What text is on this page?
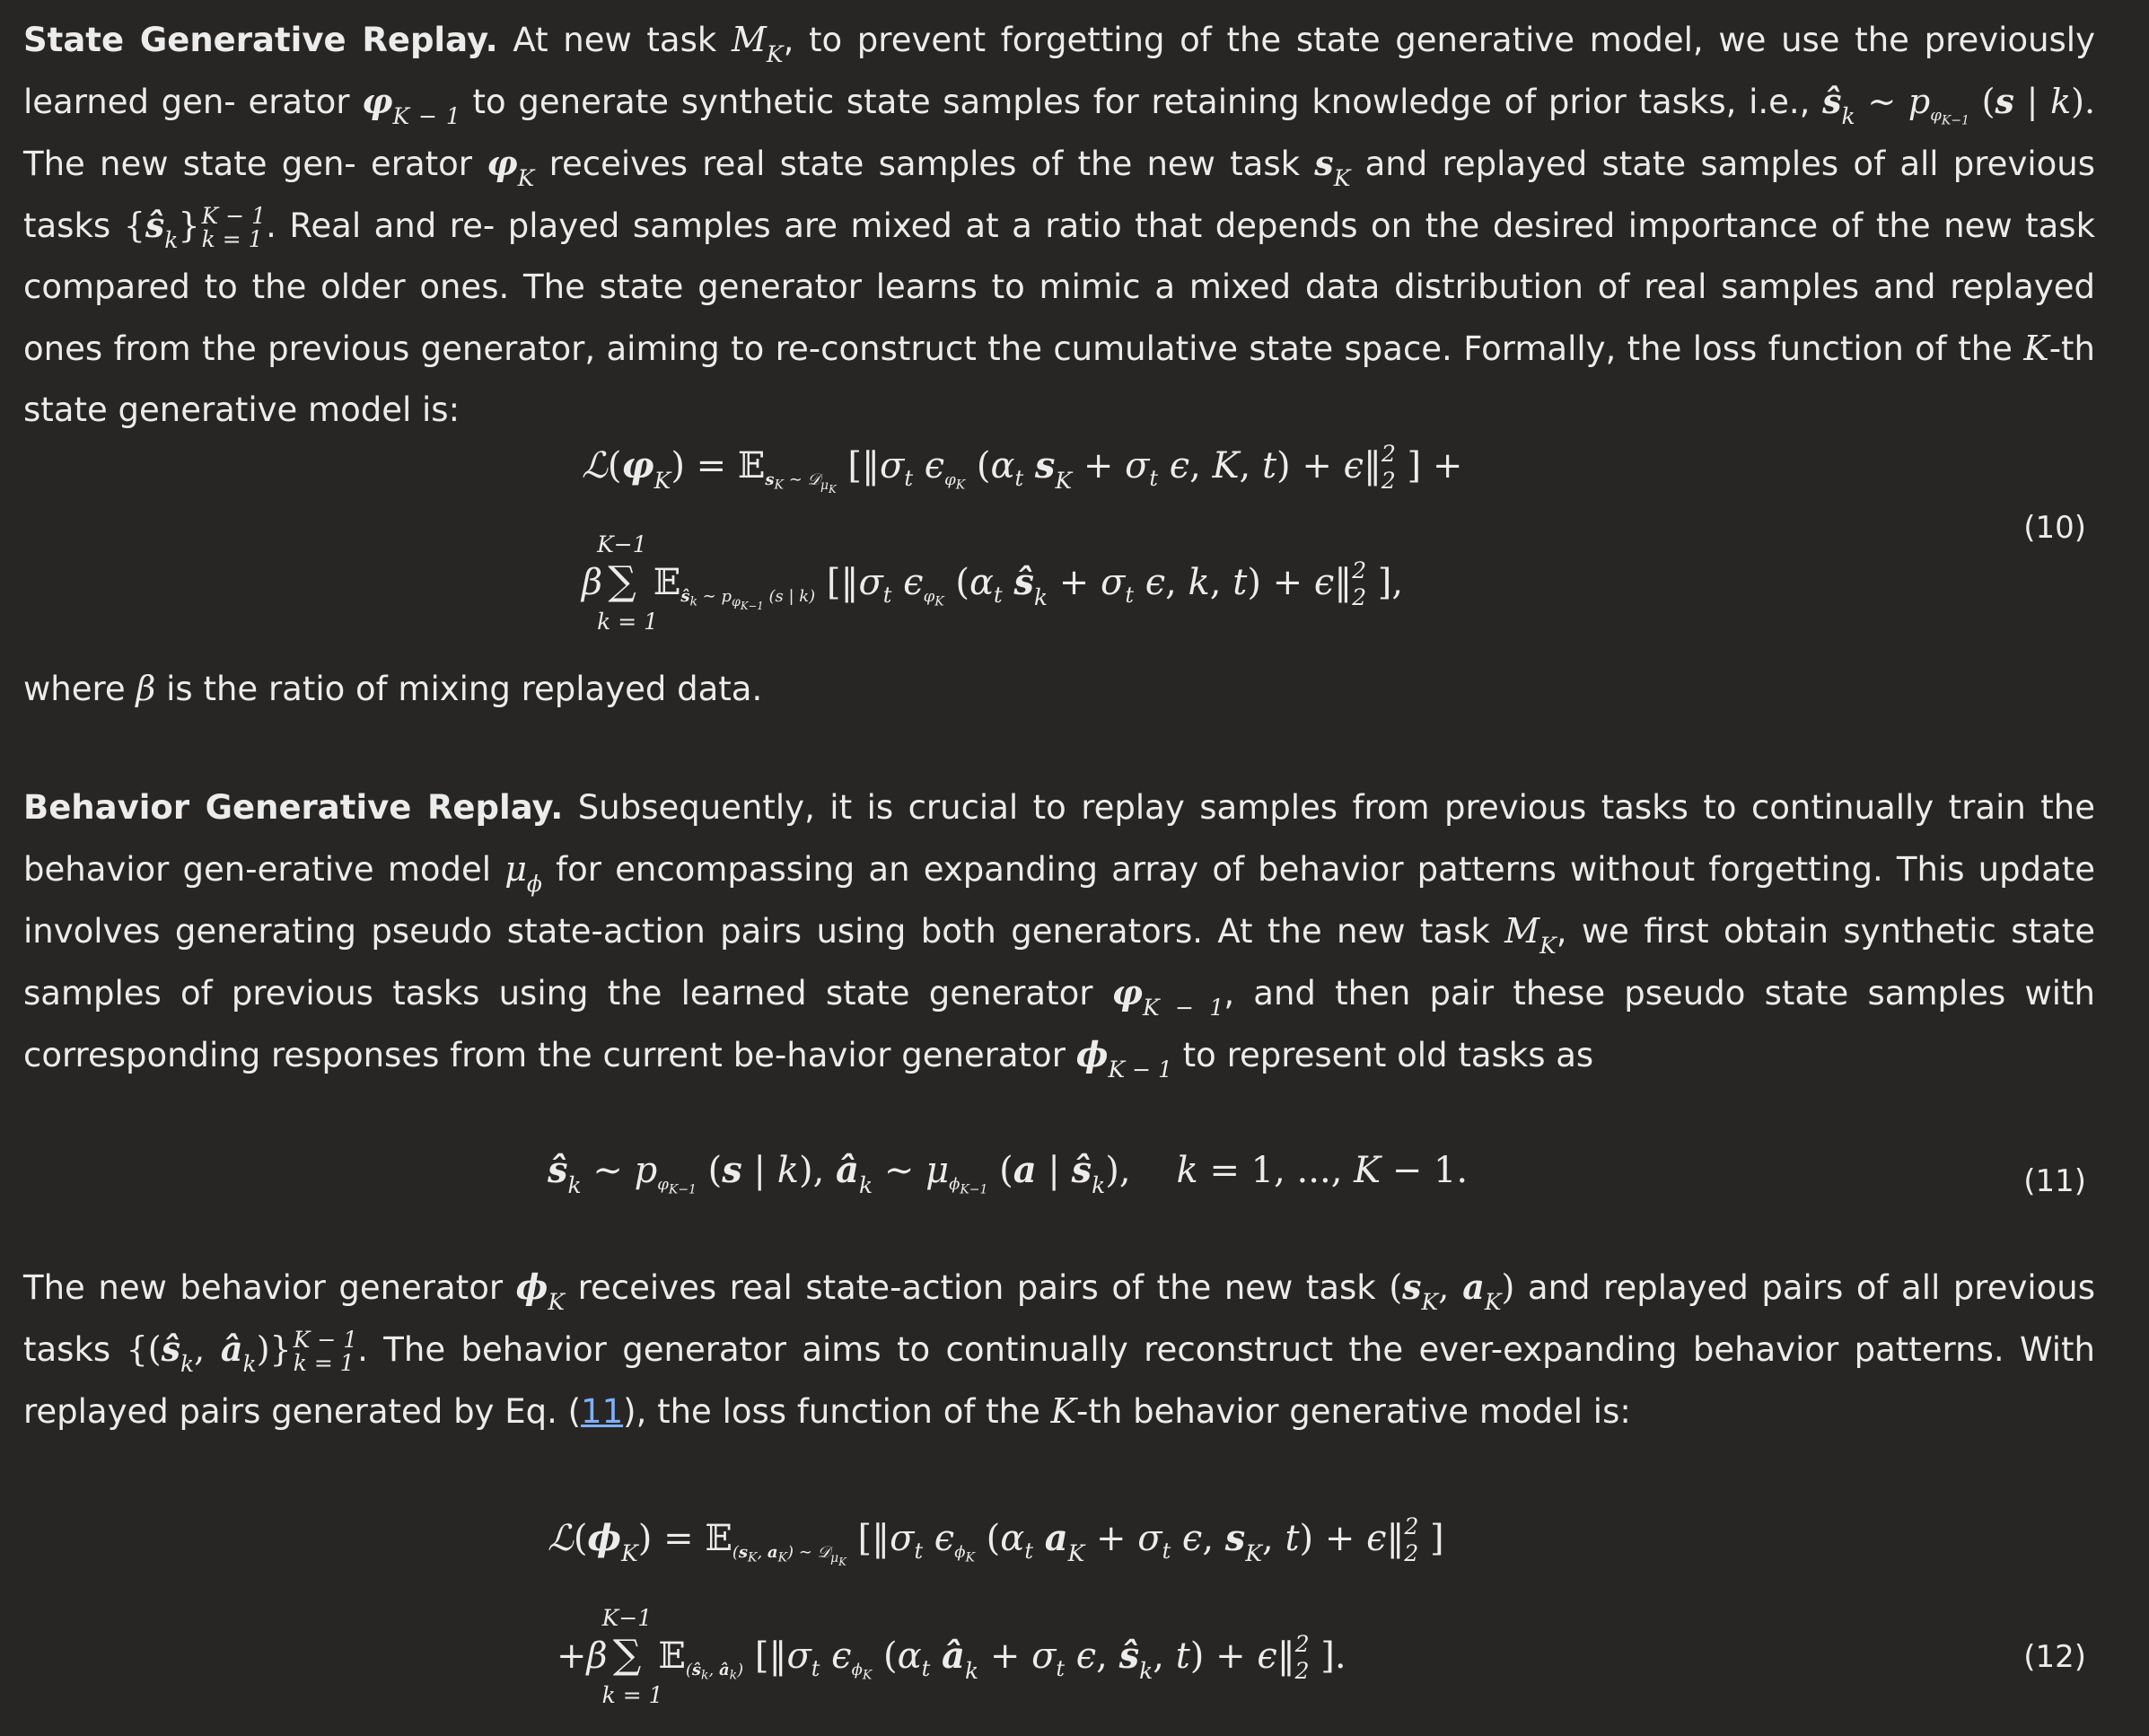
State Generative Replay. At new task $M_K$, to prevent forgetting of the state generative model, we use the previously learned gen- erator $\varphi_{K - 1}$ to generate synthetic state samples for retaining knowledge of prior tasks, i.e., $ŝ_k$ ∼ $p_{\varphi_{K-1}}$ (s | k). The new state gen- erator $\varphi_K$ receives real state samples of the new task $s_K$ and replayed state samples of all previous tasks $\{ŝ_k\} K - 1$
k = 1 . Real and re- played samples are mixed at a ratio that depends on the desired importance of the new task compared to the older ones. The state generator learns to mimic a mixed data distribution of real samples and replayed ones from the previous generator, aiming to re-construct the cumulative state space. Formally, the loss function of the K-th state generative model is:
$ℒ(\varphi_K)$ = 𝔼$_{s_K \sim 𝒟_{\mu_K}}$ [$‖\sigma_t$ $\epsilon_{\varphi_K}$ ($\alpha_t$ $s_K + \sigma_t$ ϵ, K, t) + ϵ‖$^2_2$ ] +
β ∑
K−1
k = 1
𝔼$_{ŝ_k \sim p_{\varphi_{K-1}} (s | k)}$ [$‖\sigma_t$ $\epsilon_{\varphi_K}$ ($\alpha_t$ $ŝ_k + \sigma_t$ ϵ, k, t) + ϵ‖$^2_2$ ],
(10)
where β is the ratio of mixing replayed data.
Behavior Generative Replay. Subsequently, it is crucial to replay samples from previous tasks to continually train the behavior gen-erative model $\mu_\phi$ for encompassing an expanding array of behavior patterns without forgetting. This update involves generating pseudo state-action pairs using both generators. At the new task $M_K$, we first obtain synthetic state samples of previous tasks using the learned state generator $\varphi_{K - 1}$, and then pair these pseudo state samples with corresponding responses from the current be-havior generator $\phi_{K - 1}$ to represent old tasks as
$ŝ_k$ ∼ $p_{\varphi_{K-1}}$ (s | k), $â_k$ ∼ $\mu_{\phi_{K-1}}$ (a | $ŝ_k$),    k = 1, ..., K − 1.	(11)
The new behavior generator $\phi_K$ receives real state-action pairs of the new task ($s_K$, $a_K$) and replayed pairs of all previous tasks {($ŝ_k$, $â_k$)} K − 1
k = 1 . The behavior generator aims to continually reconstruct the ever-expanding behavior patterns. With replayed pairs generated by Eq. (11), the loss function of the K-th behavior generative model is:
$ℒ(\phi_K)$ = 𝔼$_{(s_K, a_K) \sim 𝒟_{\mu_K}}$ [$‖\sigma_t$ $\epsilon_{\phi_K}$ ($\alpha_t$ $a_K + \sigma_t$ ϵ, $s_K$, t) + ϵ‖$^2_2$ ]
+β ∑
K−1
k = 1
𝔼$_{(ŝ_k, â_k)}$ [$‖\sigma_t$ $\epsilon_{\phi_K}$ ($\alpha_t$ $â_k + \sigma_t$ ϵ, $ŝ_k$, t) + ϵ‖$^2_2$ ].	(12)
